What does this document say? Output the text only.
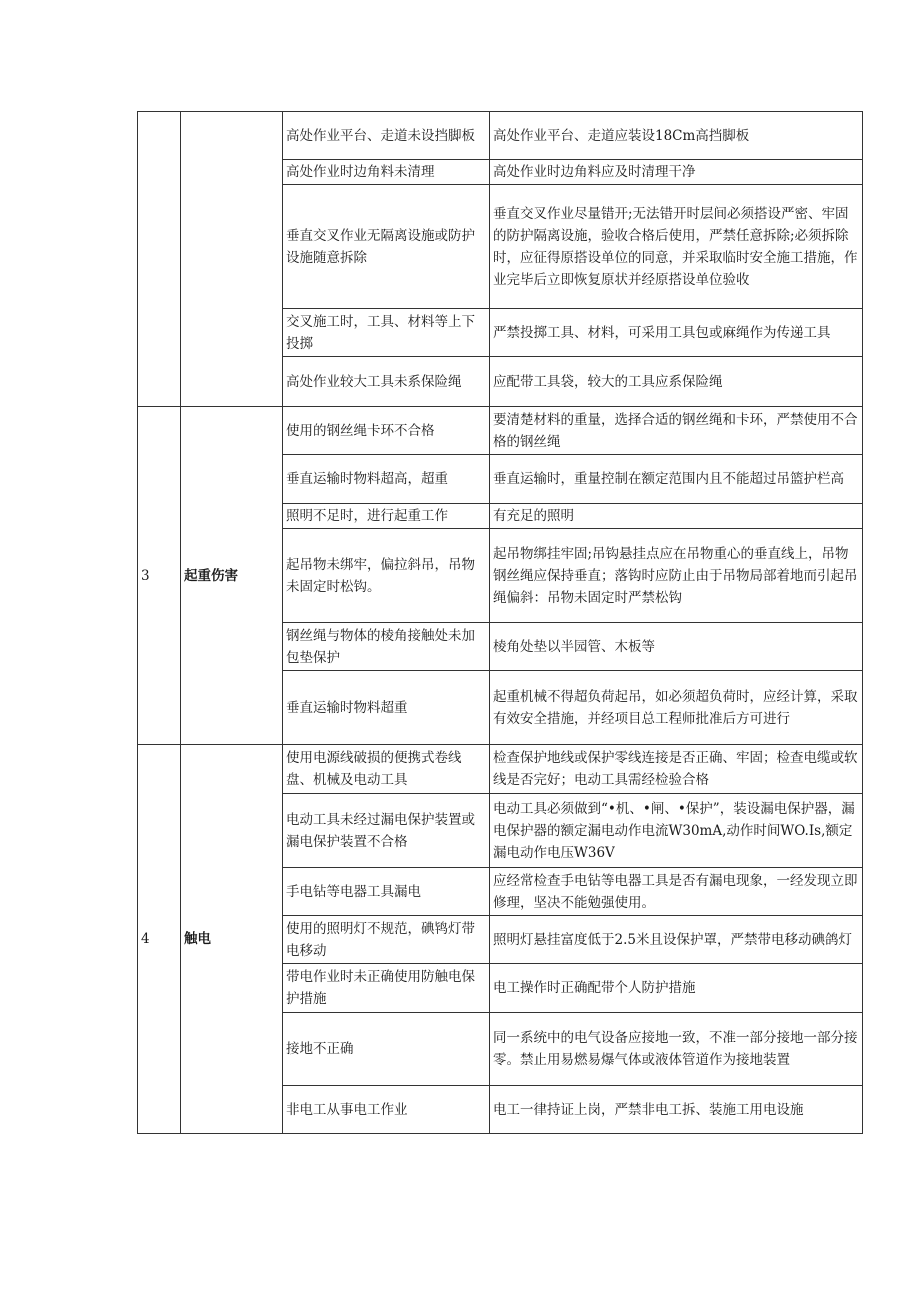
		高处作业平台、走道未设挡脚板	高处作业平台、走道应装设18Cm高挡脚板
		高处作业时边角料未清理	高处作业时边角料应及时清理干净
		垂直交叉作业无隔离设施或防护设施随意拆除	垂直交叉作业尽量错开;无法错开时层间必须搭设严密、牢固的防护隔离设施，验收合格后使用，严禁任意拆除;必须拆除时，应征得原搭设单位的同意，并采取临时安全施工措施，作业完毕后立即恢复原状并经原搭设单位验收
		交叉施工时，工具、材料等上下投掷	严禁投掷工具、材料，可采用工具包或麻绳作为传递工具
		高处作业较大工具未系保险绳	应配带工具袋，较大的工具应系保险绳
3	起重伤害	使用的钢丝绳卡环不合格	要清楚材料的重量，选择合适的钢丝绳和卡环，严禁使用不合格的钢丝绳
		垂直运输时物料超高，超重	垂直运输时，重量控制在额定范围内且不能超过吊篮护栏高
		照明不足时，进行起重工作	有充足的照明
		起吊物未绑牢，偏拉斜吊，吊物未固定时松钩。	起吊物绑挂牢固;吊钩悬挂点应在吊物重心的垂直线上，吊物钢丝绳应保持垂直；落钩时应防止由于吊物局部着地而引起吊绳偏斜：吊物未固定时严禁松钩
		钢丝绳与物体的棱角接触处未加包垫保护	棱角处垫以半园管、木板等
		垂直运输时物料超重	起重机械不得超负荷起吊，如必须超负荷时，应经计算，采取有效安全措施，并经项目总工程师批准后方可进行
4	触电	使用电源线破损的便携式卷线盘、机械及电动工具	检查保护地线或保护零线连接是否正确、牢固；检查电缆或软线是否完好；电动工具需经检验合格
		电动工具未经过漏电保护装置或漏电保护装置不合格	电动工具必须做到“•机、•闸、•保护”，装设漏电保护器，漏电保护器的额定漏电动作电流W30mA,动作时间WO.Is,额定漏电动作电压W36V
		手电钻等电器工具漏电	应经常检查手电钻等电器工具是否有漏电现象，一经发现立即修理，坚决不能勉强使用。
		使用的照明灯不规范，碘鸨灯带电移动	照明灯悬挂富度低于2.5米且设保护罩，严禁带电移动碘鸽灯
		带电作业时未正确使用防触电保护措施	电工操作时正确配带个人防护措施
		接地不正确	同一系统中的电气设备应接地一致，不准一部分接地一部分接零。禁止用易燃易爆气体或液体管道作为接地装置
		非电工从事电工作业	电工一律持证上岗，严禁非电工拆、装施工用电设施
